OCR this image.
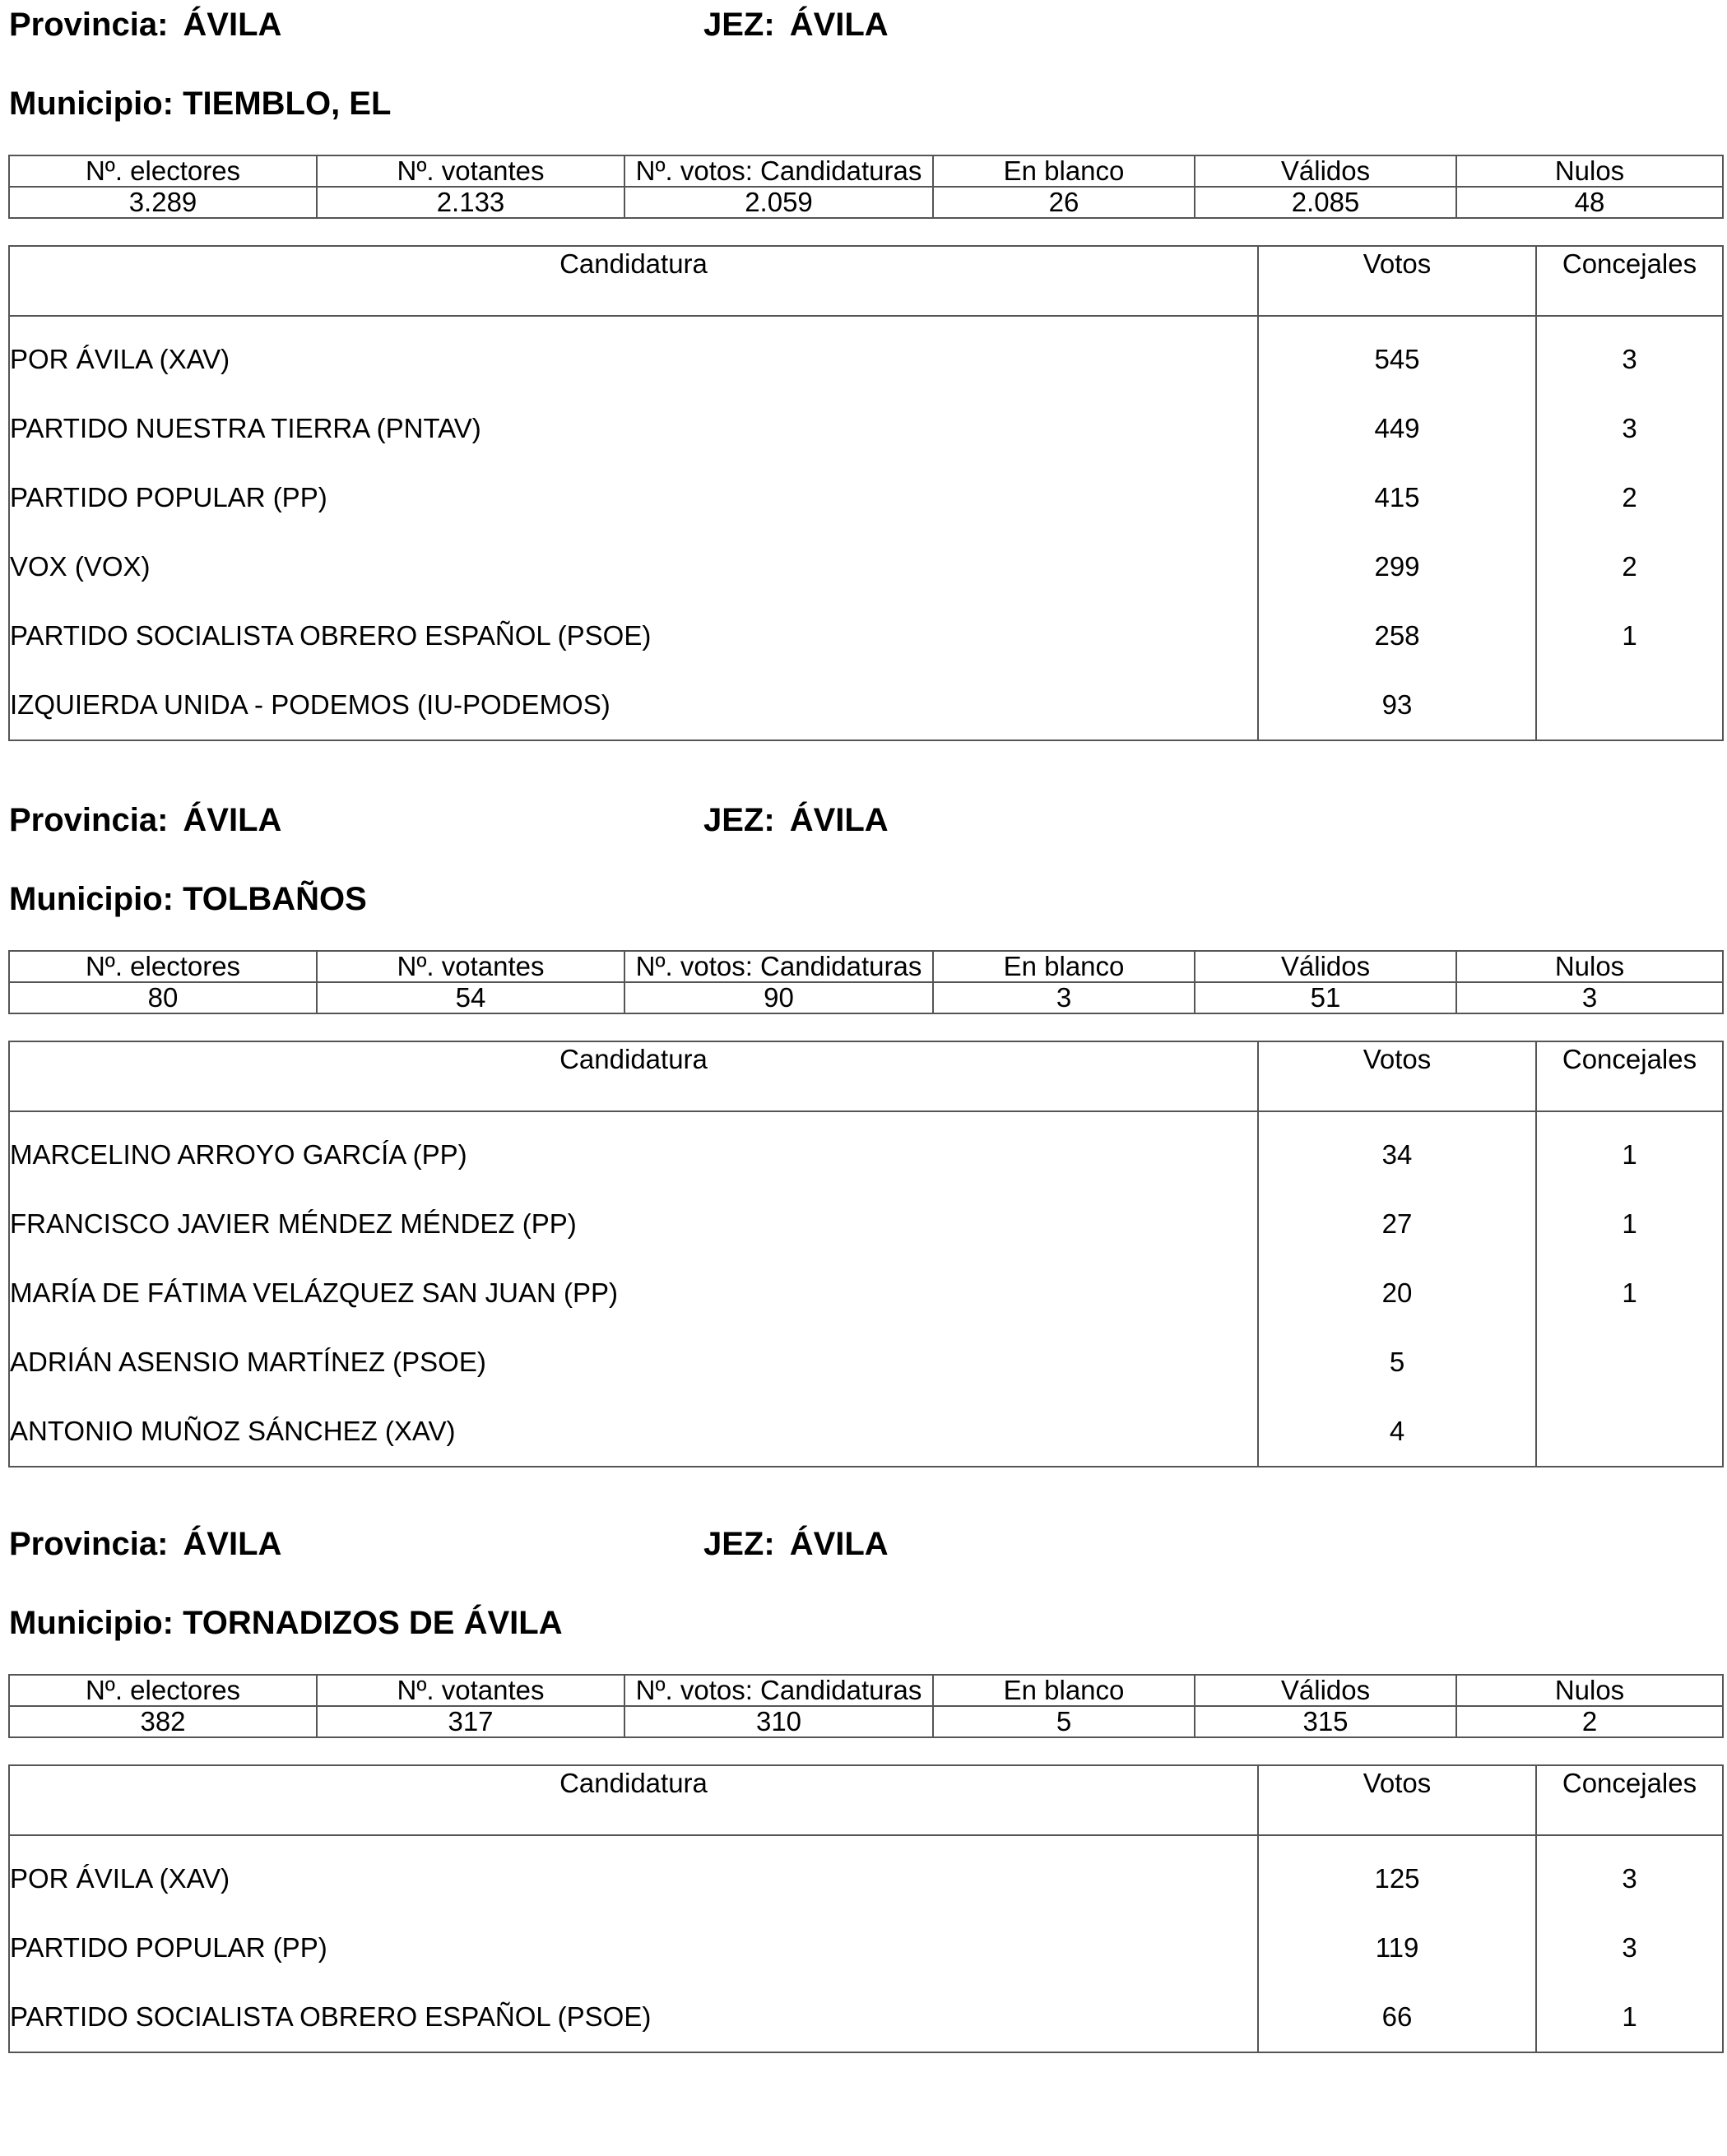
Provincia: ÁVILA	JEZ: ÁVILA
Municipio: TIEMBLO, EL
Nº. electores	Nº. votantes	Nº. votos: Candidaturas	En blanco	Válidos	Nulos
3.289	2.133	2.059	26	2.085	48
Candidatura	Votos	Concejales

POR ÁVILA (XAV)	545	3
PARTIDO NUESTRA TIERRA (PNTAV)	449	3
PARTIDO POPULAR (PP)	415	2
VOX (VOX)	299	2
PARTIDO SOCIALISTA OBRERO ESPAÑOL (PSOE)	258	1
IZQUIERDA UNIDA - PODEMOS (IU-PODEMOS)	93	
Provincia: ÁVILA	JEZ: ÁVILA
Municipio: TOLBAÑOS
Nº. electores	Nº. votantes	Nº. votos: Candidaturas	En blanco	Válidos	Nulos
80	54	90	3	51	3
Candidatura	Votos	Concejales

MARCELINO ARROYO GARCÍA (PP)	34	1
FRANCISCO JAVIER MÉNDEZ MÉNDEZ (PP)	27	1
MARÍA DE FÁTIMA VELÁZQUEZ SAN JUAN (PP)	20	1
ADRIÁN ASENSIO MARTÍNEZ (PSOE)	5	
ANTONIO MUÑOZ SÁNCHEZ (XAV)	4	
Provincia: ÁVILA	JEZ: ÁVILA
Municipio: TORNADIZOS DE ÁVILA
Nº. electores	Nº. votantes	Nº. votos: Candidaturas	En blanco	Válidos	Nulos
382	317	310	5	315	2
Candidatura	Votos	Concejales

POR ÁVILA (XAV)	125	3
PARTIDO POPULAR (PP)	119	3
PARTIDO SOCIALISTA OBRERO ESPAÑOL (PSOE)	66	1
